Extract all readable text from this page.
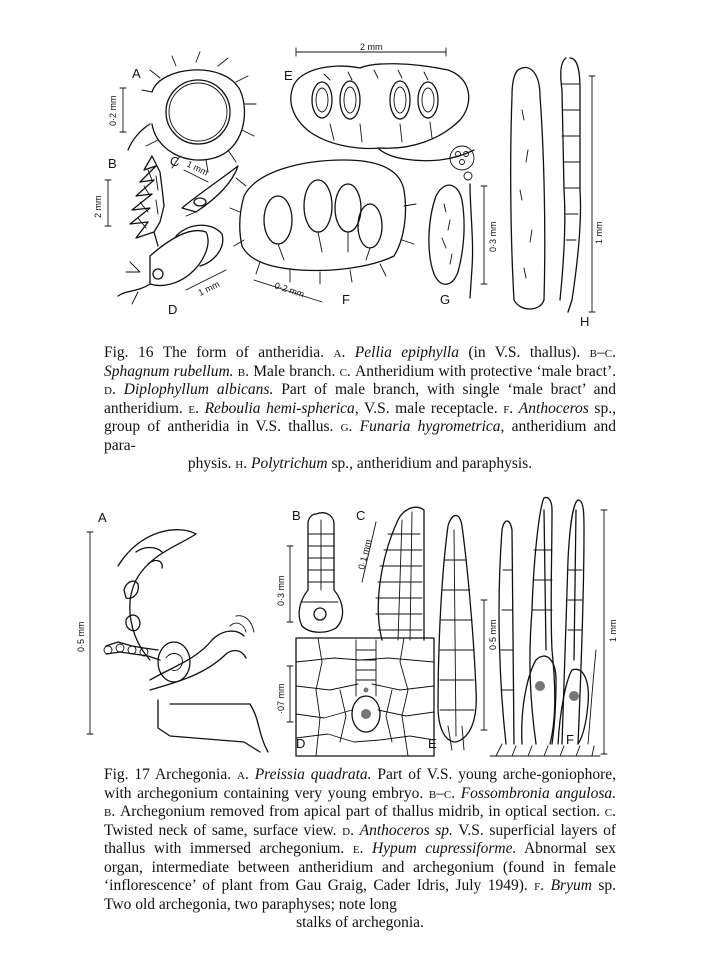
A
0·2 mm
B
2 mm
C 1 mm
D
1 mm
2 mm
E
F
0·2 mm
G
0·3 mm	1 mm
H

Fig. 16 The form of antheridia. a. Pellia epiphylla (in V.S. thallus). b–c. Sphagnum rubellum. b. Male branch. c. Antheridium with protective ‘male bract’. d. Diplophyllum albicans. Part of male branch, with single ‘male bract’ and antheridium. e. Reboulia hemi-spherica, V.S. male receptacle. f. Anthoceros sp., group of antheridia in V.S. thallus. g. Funaria hygrometrica, antheridium and para-

physis. h. Polytrichum sp., antheridium and paraphysis.

A
0·5 mm
B
0·3 mm
C
0·1 mm
·07 mm
D
0·5 mm
E
1 mm
F

Fig. 17 Archegonia. a. Preissia quadrata. Part of V.S. young arche-goniophore, with archegonium containing very young embryo. b–c. Fossombronia angulosa. b. Archegonium removed from apical part of thallus midrib, in optical section. c. Twisted neck of same, surface view. d. Anthoceros sp. V.S. superficial layers of thallus with immersed archegonium. e. Hypum cupressiforme. Abnormal sex organ, intermediate between antheridium and archegonium (found in female ‘inflorescence’ of plant from Gau Graig, Cader Idris, July 1949). f. Bryum sp. Two old archegonia, two paraphyses; note long

stalks of archegonia.
